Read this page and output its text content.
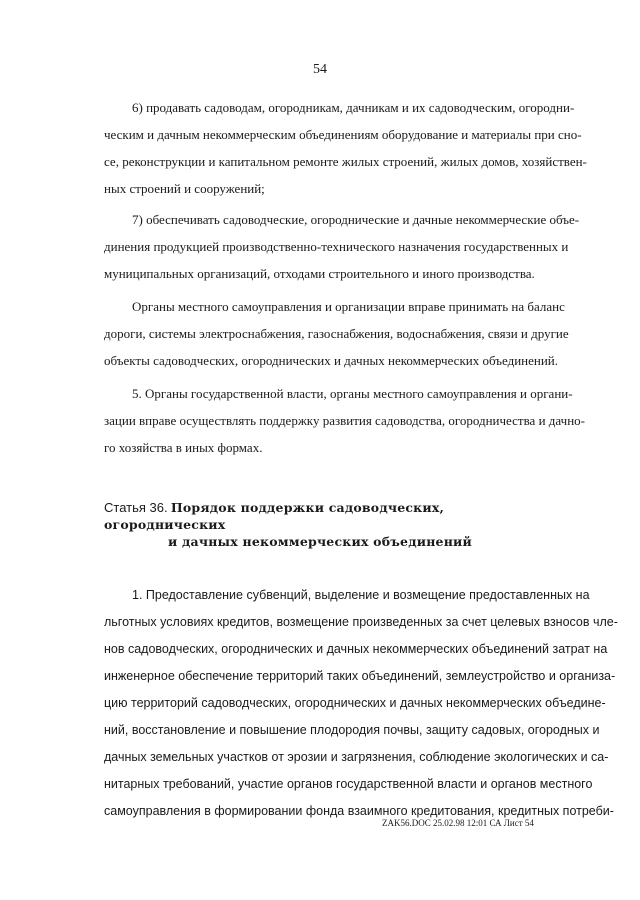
54
6) продавать садоводам, огородникам, дачникам и их садоводческим, огородни-
ческим и дачным некоммерческим объединениям оборудование и материалы при сно-
се, реконструкции и капитальном ремонте жилых строений, жилых домов, хозяйствен-
ных строений и сооружений;
7) обеспечивать садоводческие, огороднические и дачные некоммерческие объе-
динения продукцией производственно-технического назначения государственных и
муниципальных организаций, отходами строительного и иного производства.
Органы местного самоуправления и организации вправе принимать на баланс
дороги, системы электроснабжения, газоснабжения, водоснабжения, связи и другие
объекты садоводческих, огороднических и дачных некоммерческих объединений.
5. Органы государственной власти, органы местного самоуправления и органи-
зации вправе осуществлять поддержку развития садоводства, огородничества и дачно-
го хозяйства в иных формах.
Статья 36. Порядок поддержки садоводческих, огороднических
и дачных некоммерческих объединений
1. Предоставление субвенций, выделение и возмещение предоставленных на
льготных условиях кредитов, возмещение произведенных за счет целевых взносов чле-
нов садоводческих, огороднических и дачных некоммерческих объединений затрат на
инженерное обеспечение территорий таких объединений, землеустройство и организа-
цию территорий садоводческих, огороднических и дачных некоммерческих объедине-
ний, восстановление и повышение плодородия почвы, защиту садовых, огородных и
дачных земельных участков от эрозии и загрязнения, соблюдение экологических и са-
нитарных требований, участие органов государственной власти и органов местного
самоуправления в формировании фонда взаимного кредитования, кредитных потреби-
ZAK56.DOC 25.02.98 12:01 СА Лист 54
